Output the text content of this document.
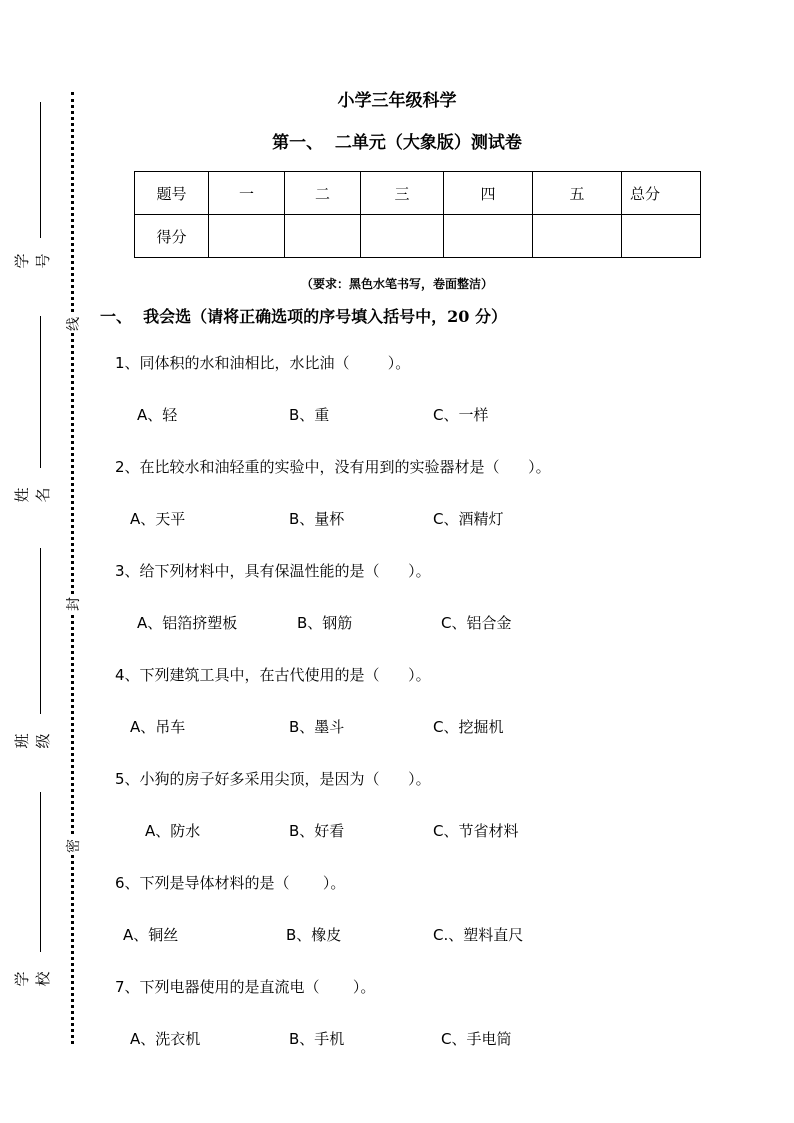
学号
姓名
班级
学校
线
封
密
小学三年级科学
第一、  二单元（大象版）测试卷
题号	一	二	三	四	五	总分
得分						
（要求：黑色水笔书写，卷面整洁）
一、  我会选（请将正确选项的序号填入括号中，20 分）
1、同体积的水和油相比，水比油（        ）。
A、轻	B、重	C、一样
2、在比较水和油轻重的实验中，没有用到的实验器材是（      ）。
A、天平	B、量杯	C、酒精灯
3、给下列材料中，具有保温性能的是（      ）。
A、铝箔挤塑板	B、钢筋	C、铝合金
4、下列建筑工具中，在古代使用的是（      ）。
A、吊车	B、墨斗	C、挖掘机
5、小狗的房子好多采用尖顶，是因为（      ）。
A、防水	B、好看	C、节省材料
6、下列是导体材料的是（       ）。
A、铜丝	B、橡皮	C.、塑料直尺
7、下列电器使用的是直流电（       ）。
A、洗衣机	B、手机	C、手电筒
